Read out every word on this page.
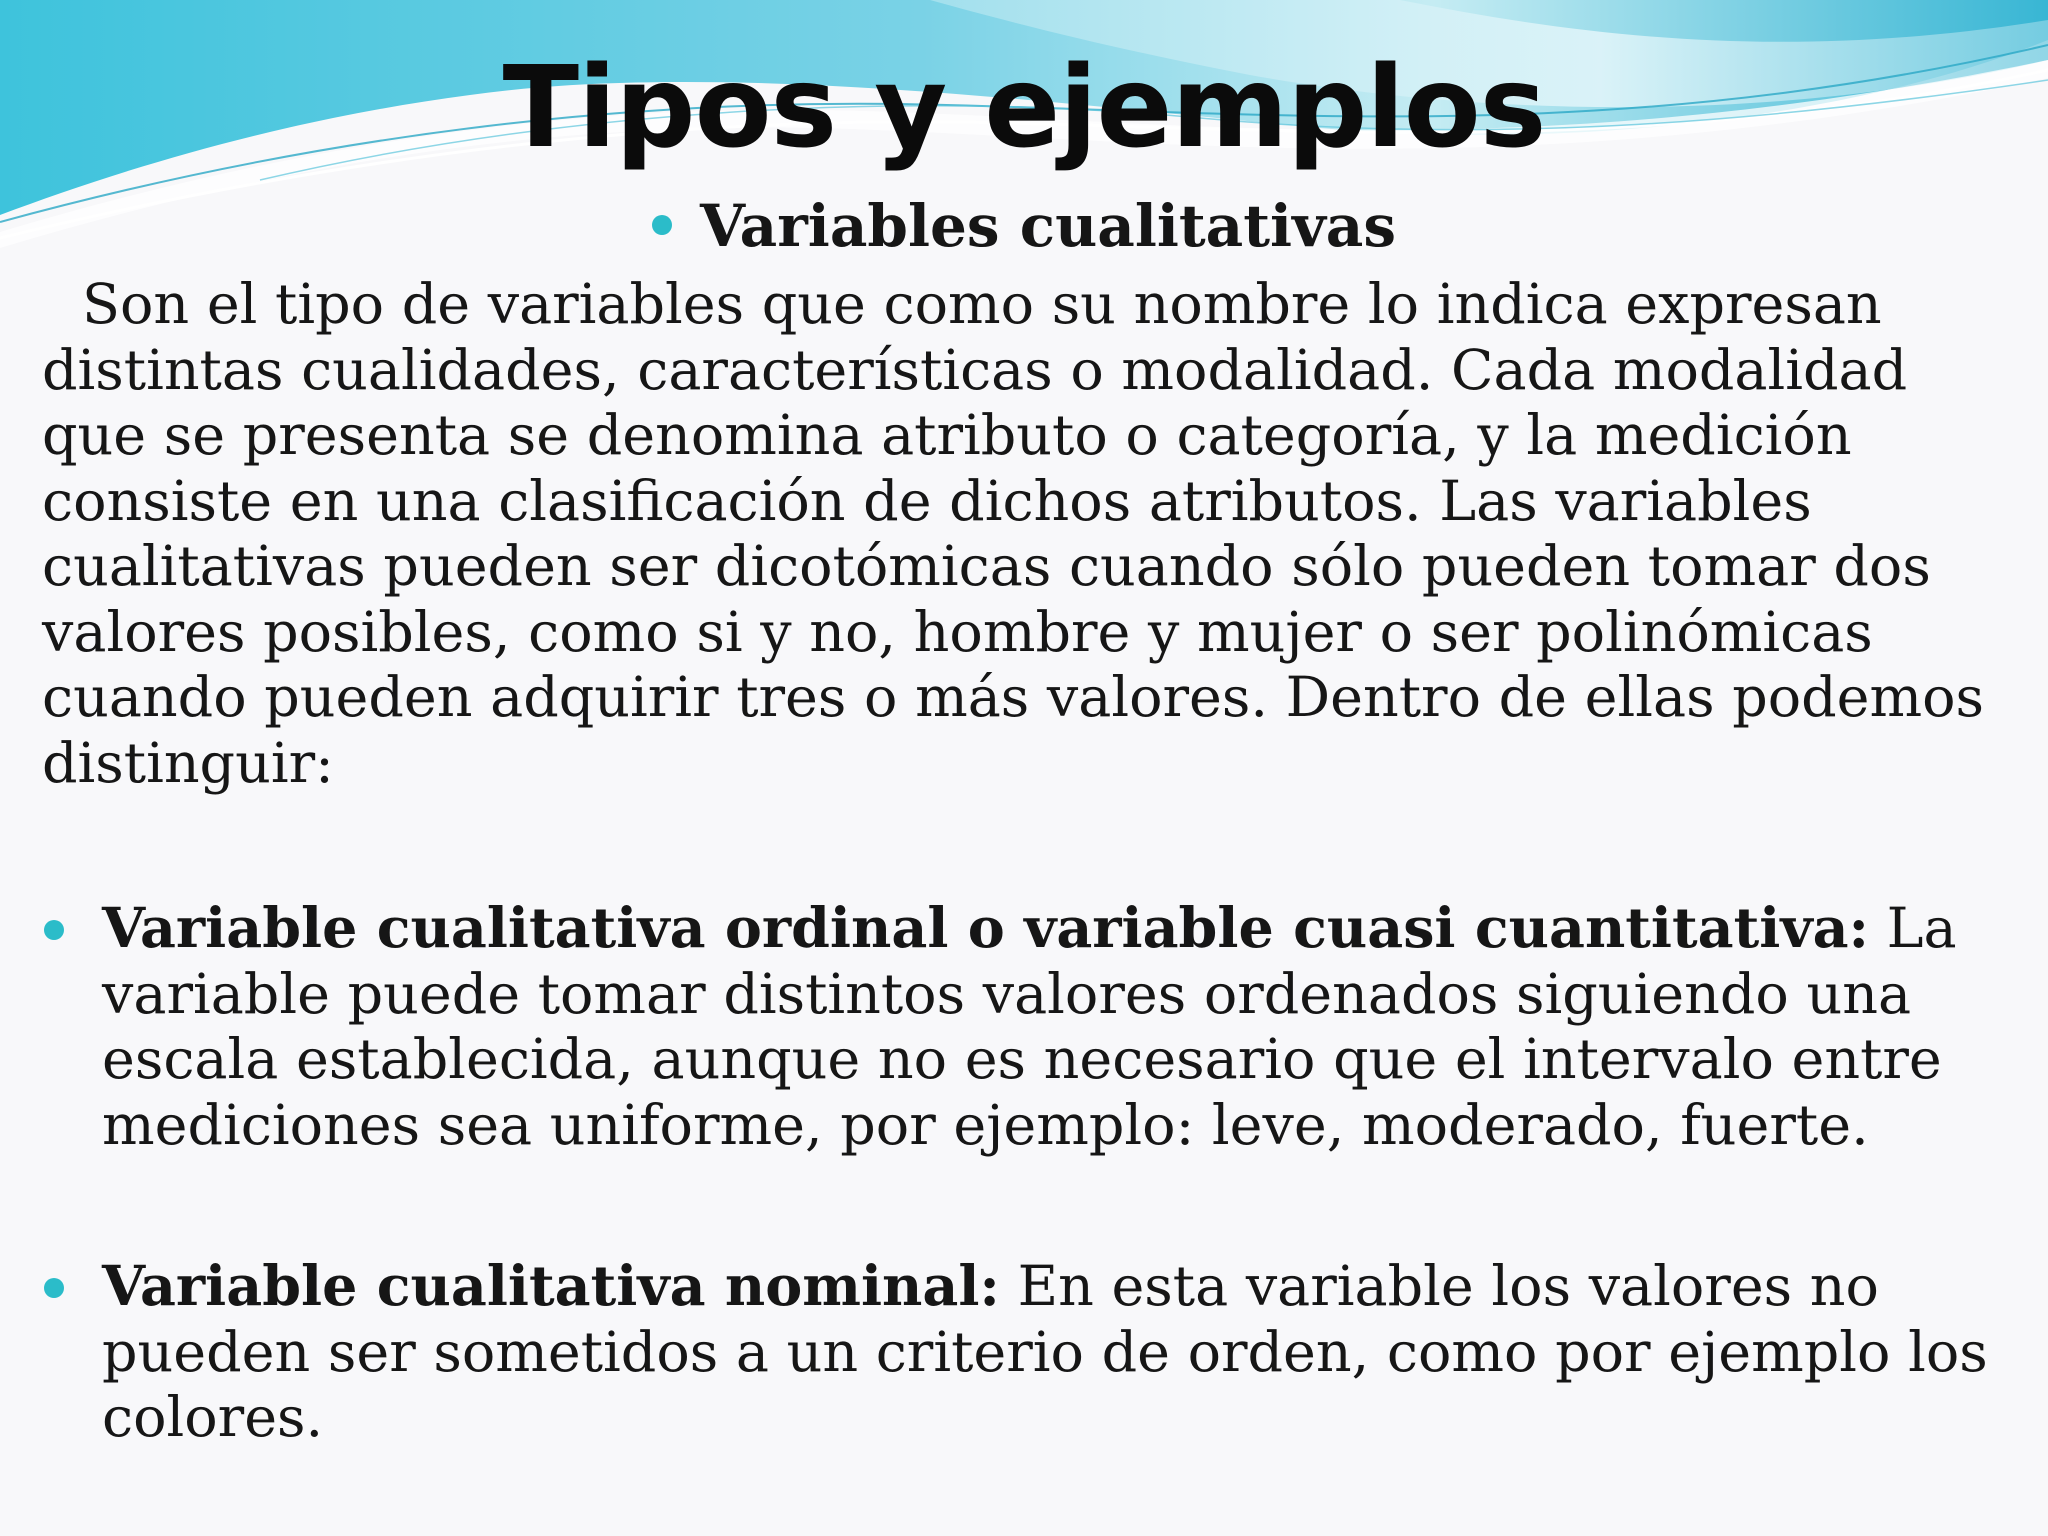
Tipos y ejemplos
Variables cualitativas

Son el tipo de variables que como su nombre lo indica expresan distintas cualidades, características o modalidad. Cada modalidad que se presenta se denomina atributo o categoría, y la medición consiste en una clasificación de dichos atributos. Las variables cualitativas pueden ser dicotómicas cuando sólo pueden tomar dos valores posibles, como si y no, hombre y mujer o ser polinómicas cuando pueden adquirir tres o más valores. Dentro de ellas podemos distinguir:

Variable cualitativa ordinal o variable cuasi cuantitativa: La variable puede tomar distintos valores ordenados siguiendo una escala establecida, aunque no es necesario que el intervalo entre mediciones sea uniforme, por ejemplo: leve, moderado, fuerte.

Variable cualitativa nominal: En esta variable los valores no pueden ser sometidos a un criterio de orden, como por ejemplo los colores.
